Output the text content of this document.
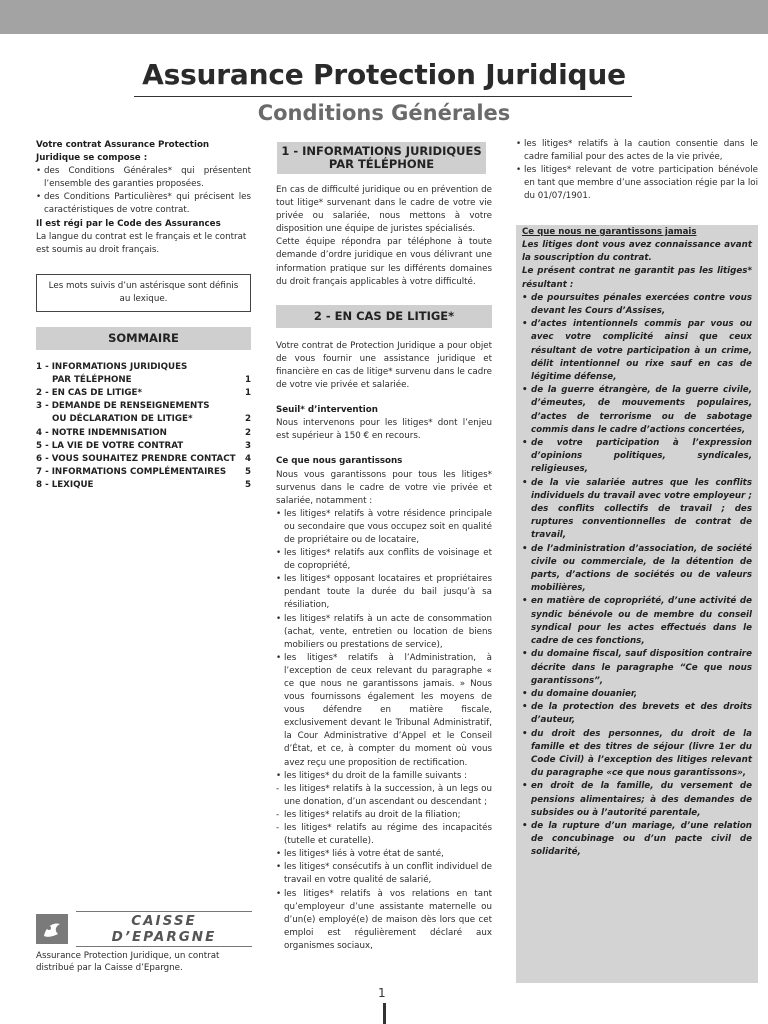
Assurance Protection Juridique
Conditions Générales

Votre contrat Assurance Protection Juridique se compose :

• des Conditions Générales* qui présentent l’ensemble des garanties proposées.
• des Conditions Particulières* qui précisent les caractéristiques de votre contrat.

Il est régi par le Code des Assurances

La langue du contrat est le français et le contrat est soumis au droit français.

Les mots suivis d’un astérisque sont définis au lexique.
SOMMAIRE
1 - INFORMATIONS JURIDIQUES
PAR TÉLÉPHONE	1
2 - EN CAS DE LITIGE*	1
3 - DEMANDE DE RENSEIGNEMENTS
OU DÉCLARATION DE LITIGE*	2
4 - NOTRE INDEMNISATION	2
5 - LA VIE DE VOTRE CONTRAT	3
6 - VOUS SOUHAITEZ PRENDRE CONTACT 4
7 - INFORMATIONS COMPLÉMENTAIRES 5
8 - LEXIQUE	5
CAISSE D’EPARGNE
Assurance Protection Juridique, un contrat distribué par la Caisse d’Epargne.
1 - INFORMATIONS JURIDIQUES PAR TÉLÉPHONE

En cas de difficulté juridique ou en prévention de tout litige* survenant dans le cadre de votre vie privée ou salariée, nous mettons à votre disposition une équipe de juristes spécialisés.

Cette équipe répondra par téléphone à toute demande d’ordre juridique en vous délivrant une information pratique sur les différents domaines du droit français applicables à votre difficulté.

2 - EN CAS DE LITIGE*

Votre contrat de Protection Juridique a pour objet de vous fournir une assistance juridique et financière en cas de litige* survenu dans le cadre de votre vie privée et salariée.

Seuil* d’intervention

Nous intervenons pour les litiges* dont l’enjeu est supérieur à 150 € en recours.

Ce que nous garantissons

Nous vous garantissons pour tous les litiges* survenus dans le cadre de votre vie privée et salariée, notamment :

• les litiges* relatifs à votre résidence principale ou secondaire que vous occupez soit en qualité de propriétaire ou de locataire,
• les litiges* relatifs aux conflits de voisinage et de copropriété,
• les litiges* opposant locataires et propriétaires pendant toute la durée du bail jusqu’à sa résiliation,
• les litiges* relatifs à un acte de consommation (achat, vente, entretien ou location de biens mobiliers ou prestations de service),
• les litiges* relatifs à l’Administration, à l’exception de ceux relevant du paragraphe « ce que nous ne garantissons jamais. » Nous vous fournissons également les moyens de vous défendre en matière fiscale, exclusivement devant le Tribunal Administratif, la Cour Administrative d’Appel et le Conseil d’État, et ce, à compter du moment où vous avez reçu une proposition de rectification.
• les litiges* du droit de la famille suivants :
- les litiges* relatifs à la succession, à un legs ou une donation, d’un ascendant ou descendant ;
- les litiges* relatifs au droit de la filiation;
- les litiges* relatifs au régime des incapacités (tutelle et curatelle).
• les litiges* liés à votre état de santé,
• les litiges* consécutifs à un conflit individuel de travail en votre qualité de salarié,
• les litiges* relatifs à vos relations en tant qu’employeur d’une assistante maternelle ou d’un(e) employé(e) de maison dès lors que cet emploi est régulièrement déclaré aux organismes sociaux,
• les litiges* relatifs à la caution consentie dans le cadre familial pour des actes de la vie privée,
• les litiges* relevant de votre participation bénévole en tant que membre d’une association régie par la loi du 01/07/1901.
Ce que nous ne garantissons jamais

Les litiges dont vous avez connaissance avant la souscription du contrat.

Le présent contrat ne garantit pas les litiges* résultant :

• de poursuites pénales exercées contre vous devant les Cours d’Assises,
• d’actes intentionnels commis par vous ou avec votre complicité ainsi que ceux résultant de votre participation à un crime, délit intentionnel ou rixe sauf en cas de légitime défense,
• de la guerre étrangère, de la guerre civile, d’émeutes, de mouvements populaires, d’actes de terrorisme ou de sabotage commis dans le cadre d’actions concertées,
• de votre participation à l’expression d’opinions politiques, syndicales, religieuses,
• de la vie salariée autres que les conflits individuels du travail avec votre employeur ; des conflits collectifs de travail ; des ruptures conventionnelles de contrat de travail,
• de l’administration d’association, de société civile ou commerciale, de la détention de parts, d’actions de sociétés ou de valeurs mobilières,
• en matière de copropriété, d’une activité de syndic bénévole ou de membre du conseil syndical pour les actes effectués dans le cadre de ces fonctions,
• du domaine fiscal, sauf disposition contraire décrite dans le paragraphe “Ce que nous garantissons”,
• du domaine douanier,
• de la protection des brevets et des droits d’auteur,
• du droit des personnes, du droit de la famille et des titres de séjour (livre 1er du Code Civil) à l’exception des litiges relevant du paragraphe «ce que nous garantissons»,
• en droit de la famille, du versement de pensions alimentaires; à des demandes de subsides ou à l’autorité parentale,
• de la rupture d’un mariage, d’une relation de concubinage ou d’un pacte civil de solidarité,
1
